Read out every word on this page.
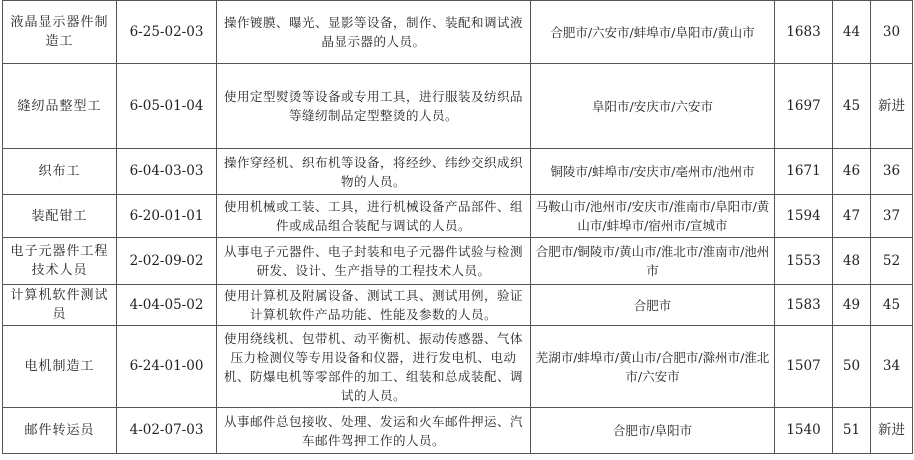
液晶显示器件制造工	6-25-02-03	操作镀膜、曝光、显影等设备，制作、装配和调试液晶显示器的人员。	合肥市/六安市/蚌埠市/阜阳市/黄山市	1683	44	30
缝纫品整型工	6-05-01-04	使用定型熨烫等设备或专用工具，进行服装及纺织品等缝纫制品定型整烫的人员。	阜阳市/安庆市/六安市	1697	45	新进
织布工	6-04-03-03	操作穿经机、织布机等设备，将经纱、纬纱交织成织物的人员。	铜陵市/蚌埠市/安庆市/亳州市/池州市	1671	46	36
装配钳工	6-20-01-01	使用机械或工装、工具，进行机械设备产品部件、组件或成品组合装配与调试的人员。	马鞍山市/池州市/安庆市/淮南市/阜阳市/黄山市/蚌埠市/宿州市/宣城市	1594	47	37
电子元器件工程技术人员	2-02-09-02	从事电子元器件、电子封装和电子元器件试验与检测研发、设计、生产指导的工程技术人员。	合肥市/铜陵市/黄山市/淮北市/淮南市/池州市	1553	48	52
计算机软件测试员	4-04-05-02	使用计算机及附属设备、测试工具、测试用例，验证计算机软件产品功能、性能及参数的人员。	合肥市	1583	49	45
电机制造工	6-24-01-00	使用绕线机、包带机、动平衡机、振动传感器、气体压力检测仪等专用设备和仪器，进行发电机、电动机、防爆电机等零部件的加工、组装和总成装配、调试的人员。	芜湖市/蚌埠市/黄山市/合肥市/滁州市/淮北市/六安市	1507	50	34
邮件转运员	4-02-07-03	从事邮件总包接收、处理、发运和火车邮件押运、汽车邮件驾押工作的人员。	合肥市/阜阳市	1540	51	新进
